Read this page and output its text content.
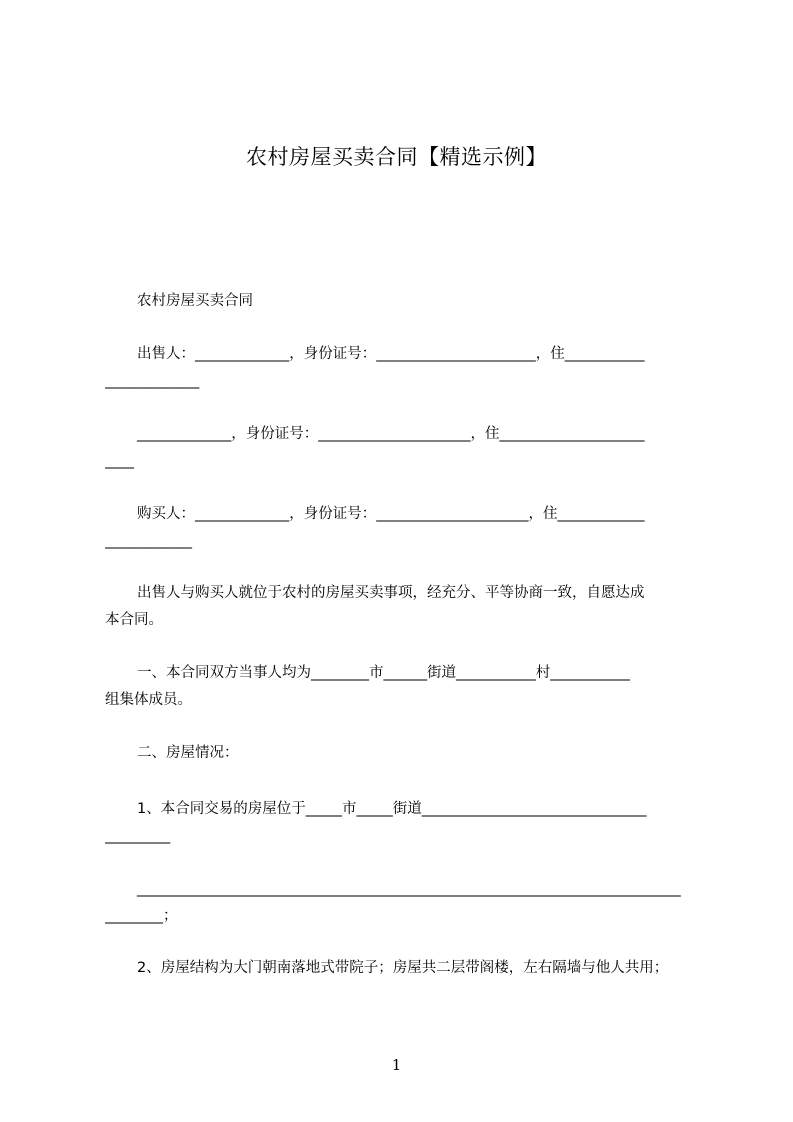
农村房屋买卖合同【精选示例】

农村房屋买卖合同

出售人：_____________，身份证号：______________________，住___________

_____________

_____________，身份证号：_____________________，住____________________

____

购买人：_____________，身份证号：_____________________，住____________

____________

出售人与购买人就位于农村的房屋买卖事项，经充分、平等协商一致，自愿达成

本合同。

一、本合同双方当事人均为________市______街道___________村___________

组集体成员。

二、房屋情况：

1、本合同交易的房屋位于_____市_____街道_______________________________

_________

___________________________________________________________________________

________；

2、房屋结构为大门朝南落地式带院子；房屋共二层带阁楼，左右隔墙与他人共用；

1
